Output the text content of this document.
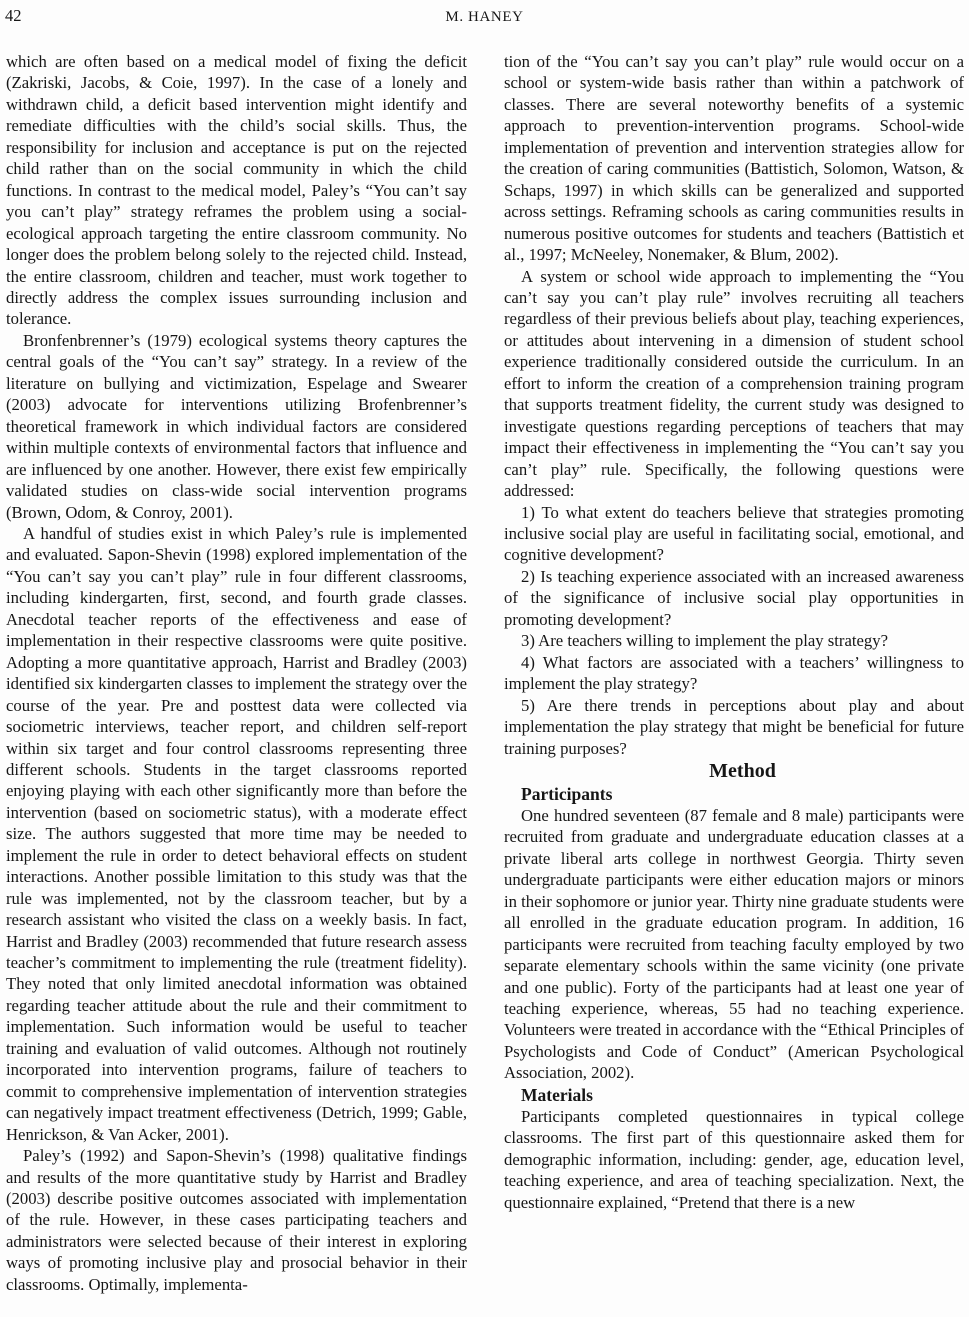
42	M. HANEY

which are often based on a medical model of fixing the deficit (Zakriski, Jacobs, & Coie, 1997). In the case of a lonely and withdrawn child, a deficit based intervention might identify and remediate difficulties with the child’s social skills. Thus, the responsibility for inclusion and acceptance is put on the rejected child rather than on the social community in which the child functions. In contrast to the medical model, Paley’s “You can’t say you can’t play” strategy reframes the problem using a social-ecological approach targeting the entire classroom community. No longer does the problem belong solely to the rejected child. Instead, the entire classroom, children and teacher, must work together to directly address the complex issues surrounding inclusion and tolerance.

Bronfenbrenner’s (1979) ecological systems theory captures the central goals of the “You can’t say” strategy. In a review of the literature on bullying and victimization, Espelage and Swearer (2003) advocate for interventions utilizing Brofenbrenner’s theoretical framework in which individual factors are considered within multiple contexts of environmental factors that influence and are influenced by one another. However, there exist few empirically validated studies on class-wide social intervention programs (Brown, Odom, & Conroy, 2001).

A handful of studies exist in which Paley’s rule is implemented and evaluated. Sapon-Shevin (1998) explored implementation of the “You can’t say you can’t play” rule in four different classrooms, including kindergarten, first, second, and fourth grade classes. Anecdotal teacher reports of the effectiveness and ease of implementation in their respective classrooms were quite positive. Adopting a more quantitative approach, Harrist and Bradley (2003) identified six kindergarten classes to implement the strategy over the course of the year. Pre and posttest data were collected via sociometric interviews, teacher report, and children self-report within six target and four control classrooms representing three different schools. Students in the target classrooms reported enjoying playing with each other significantly more than before the intervention (based on sociometric status), with a moderate effect size. The authors suggested that more time may be needed to implement the rule in order to detect behavioral effects on student interactions. Another possible limitation to this study was that the rule was implemented, not by the classroom teacher, but by a research assistant who visited the class on a weekly basis. In fact, Harrist and Bradley (2003) recommended that future research assess teacher’s commitment to implementing the rule (treatment fidelity). They noted that only limited anecdotal information was obtained regarding teacher attitude about the rule and their commitment to implementation. Such information would be useful to teacher training and evaluation of valid outcomes. Although not routinely incorporated into intervention programs, failure of teachers to commit to comprehensive implementation of intervention strategies can negatively impact treatment effectiveness (Detrich, 1999; Gable, Henrickson, & Van Acker, 2001).

Paley’s (1992) and Sapon-Shevin’s (1998) qualitative findings and results of the more quantitative study by Harrist and Bradley (2003) describe positive outcomes associated with implementation of the rule. However, in these cases participating teachers and administrators were selected because of their interest in exploring ways of promoting inclusive play and prosocial behavior in their classrooms. Optimally, implementa-

tion of the “You can’t say you can’t play” rule would occur on a school or system-wide basis rather than within a patchwork of classes. There are several noteworthy benefits of a systemic approach to prevention-intervention programs. School-wide implementation of prevention and intervention strategies allow for the creation of caring communities (Battistich, Solomon, Watson, & Schaps, 1997) in which skills can be generalized and supported across settings. Reframing schools as caring communities results in numerous positive outcomes for students and teachers (Battistich et al., 1997; McNeeley, Nonemaker, & Blum, 2002).

A system or school wide approach to implementing the “You can’t say you can’t play rule” involves recruiting all teachers regardless of their previous beliefs about play, teaching experiences, or attitudes about intervening in a dimension of student school experience traditionally considered outside the curriculum. In an effort to inform the creation of a comprehension training program that supports treatment fidelity, the current study was designed to investigate questions regarding perceptions of teachers that may impact their effectiveness in implementing the “You can’t say you can’t play” rule. Specifically, the following questions were addressed:

1) To what extent do teachers believe that strategies promoting inclusive social play are useful in facilitating social, emotional, and cognitive development?

2) Is teaching experience associated with an increased awareness of the significance of inclusive social play opportunities in promoting development?

3) Are teachers willing to implement the play strategy?

4) What factors are associated with a teachers’ willingness to implement the play strategy?

5) Are there trends in perceptions about play and about implementation the play strategy that might be beneficial for future training purposes?

Method

Participants

One hundred seventeen (87 female and 8 male) participants were recruited from graduate and undergraduate education classes at a private liberal arts college in northwest Georgia. Thirty seven undergraduate participants were either education majors or minors in their sophomore or junior year. Thirty nine graduate students were all enrolled in the graduate education program. In addition, 16 participants were recruited from teaching faculty employed by two separate elementary schools within the same vicinity (one private and one public). Forty of the participants had at least one year of teaching experience, whereas, 55 had no teaching experience. Volunteers were treated in accordance with the “Ethical Principles of Psychologists and Code of Conduct” (American Psychological Association, 2002).

Materials

Participants completed questionnaires in typical college classrooms. The first part of this questionnaire asked them for demographic information, including: gender, age, education level, teaching experience, and area of teaching specialization. Next, the questionnaire explained, “Pretend that there is a new
